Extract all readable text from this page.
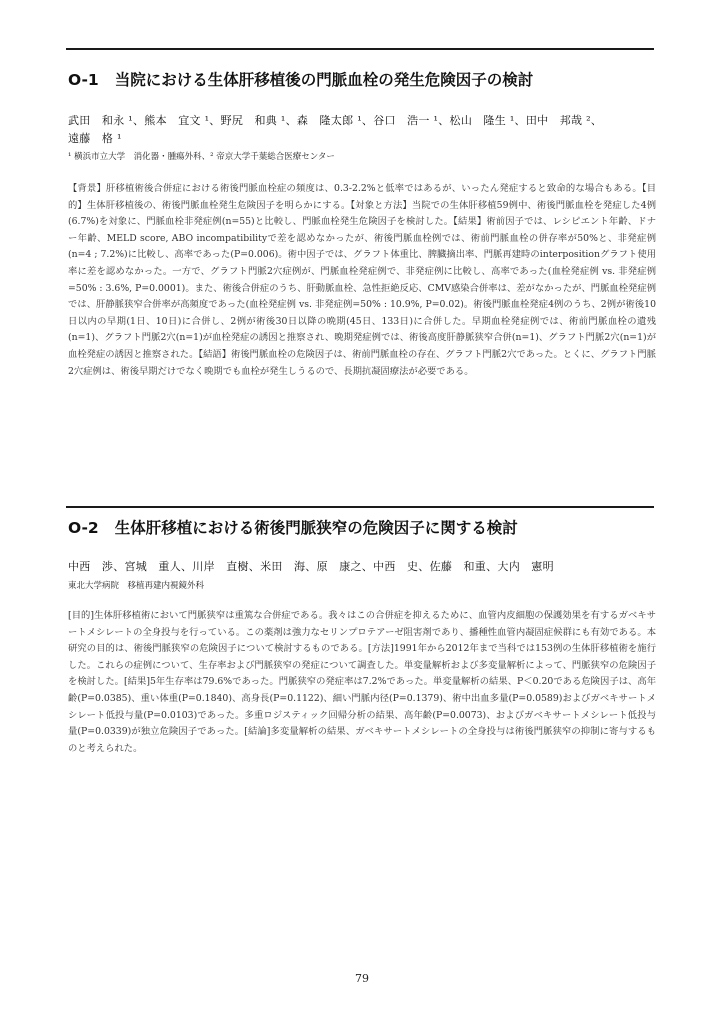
O-1 当院における生体肝移植後の門脈血栓の発生危険因子の検討
武田　和永 ¹、熊本　宜文 ¹、野尻　和典 ¹、森　隆太郎 ¹、谷口　浩一 ¹、松山　隆生 ¹、田中　邦哉 ²、
遠藤　格 ¹
¹ 横浜市立大学　消化器・腫瘍外科、² 帝京大学千葉総合医療センター

【背景】肝移植術後合併症における術後門脈血栓症の頻度は、0.3-2.2%と低率ではあるが、いったん発症すると致命的な場合もある。【目的】生体肝移植後の、術後門脈血栓発生危険因子を明らかにする。【対象と方法】当院での生体肝移植59例中、術後門脈血栓を発症した4例(6.7%)を対象に、門脈血栓非発症例(n=55)と比較し、門脈血栓発生危険因子を検討した。【結果】術前因子では、レシピエント年齢、ドナー年齢、MELD score, ABO incompatibilityで差を認めなかったが、術後門脈血栓例では、術前門脈血栓の併存率が50%と、非発症例(n=4 ; 7.2%)に比較し、高率であった(P=0.006)。術中因子では、グラフト体重比、脾臓摘出率、門脈再建時のinterpositionグラフト使用率に差を認めなかった。一方で、グラフト門脈2穴症例が、門脈血栓発症例で、非発症例に比較し、高率であった(血栓発症例 vs. 非発症例=50% : 3.6%, P=0.0001)。また、術後合併症のうち、肝動脈血栓、急性拒絶反応、CMV感染合併率は、差がなかったが、門脈血栓発症例では、肝静脈狭窄合併率が高頻度であった(血栓発症例 vs. 非発症例=50% : 10.9%, P=0.02)。術後門脈血栓発症4例のうち、2例が術後10日以内の早期(1日、10日)に合併し、2例が術後30日以降の晩期(45日、133日)に合併した。早期血栓発症例では、術前門脈血栓の遺残(n=1)、グラフト門脈2穴(n=1)が血栓発症の誘因と推察され、晩期発症例では、術後高度肝静脈狭窄合併(n=1)、グラフト門脈2穴(n=1)が血栓発症の誘因と推察された。【結語】術後門脈血栓の危険因子は、術前門脈血栓の存在、グラフト門脈2穴であった。とくに、グラフト門脈2穴症例は、術後早期だけでなく晩期でも血栓が発生しうるので、長期抗凝固療法が必要である。

O-2 生体肝移植における術後門脈狭窄の危険因子に関する検討
中西　渉、宮城　重人、川岸　直樹、米田　海、原　康之、中西　史、佐藤　和重、大内　憲明
東北大学病院　移植再建内視鏡外科

[目的]生体肝移植術において門脈狭窄は重篤な合併症である。我々はこの合併症を抑えるために、血管内皮細胞の保護効果を有するガベキサートメシレートの全身投与を行っている。この薬剤は強力なセリンプロテアーゼ阻害剤であり、播種性血管内凝固症候群にも有効である。本研究の目的は、術後門脈狭窄の危険因子について検討するものである。[方法]1991年から2012年まで当科では153例の生体肝移植術を施行した。これらの症例について、生存率および門脈狭窄の発症について調査した。単変量解析および多変量解析によって、門脈狭窄の危険因子を検討した。[結果]5年生存率は79.6%であった。門脈狭窄の発症率は7.2%であった。単変量解析の結果、P＜0.20である危険因子は、高年齢(P=0.0385)、重い体重(P=0.1840)、高身長(P=0.1122)、細い門脈内径(P=0.1379)、術中出血多量(P=0.0589)およびガベキサートメシレート低投与量(P=0.0103)であった。多重ロジスティック回帰分析の結果、高年齢(P=0.0073)、およびガベキサートメシレート低投与量(P=0.0339)が独立危険因子であった。[結論]多変量解析の結果、ガベキサートメシレートの全身投与は術後門脈狭窄の抑制に寄与するものと考えられた。

79
